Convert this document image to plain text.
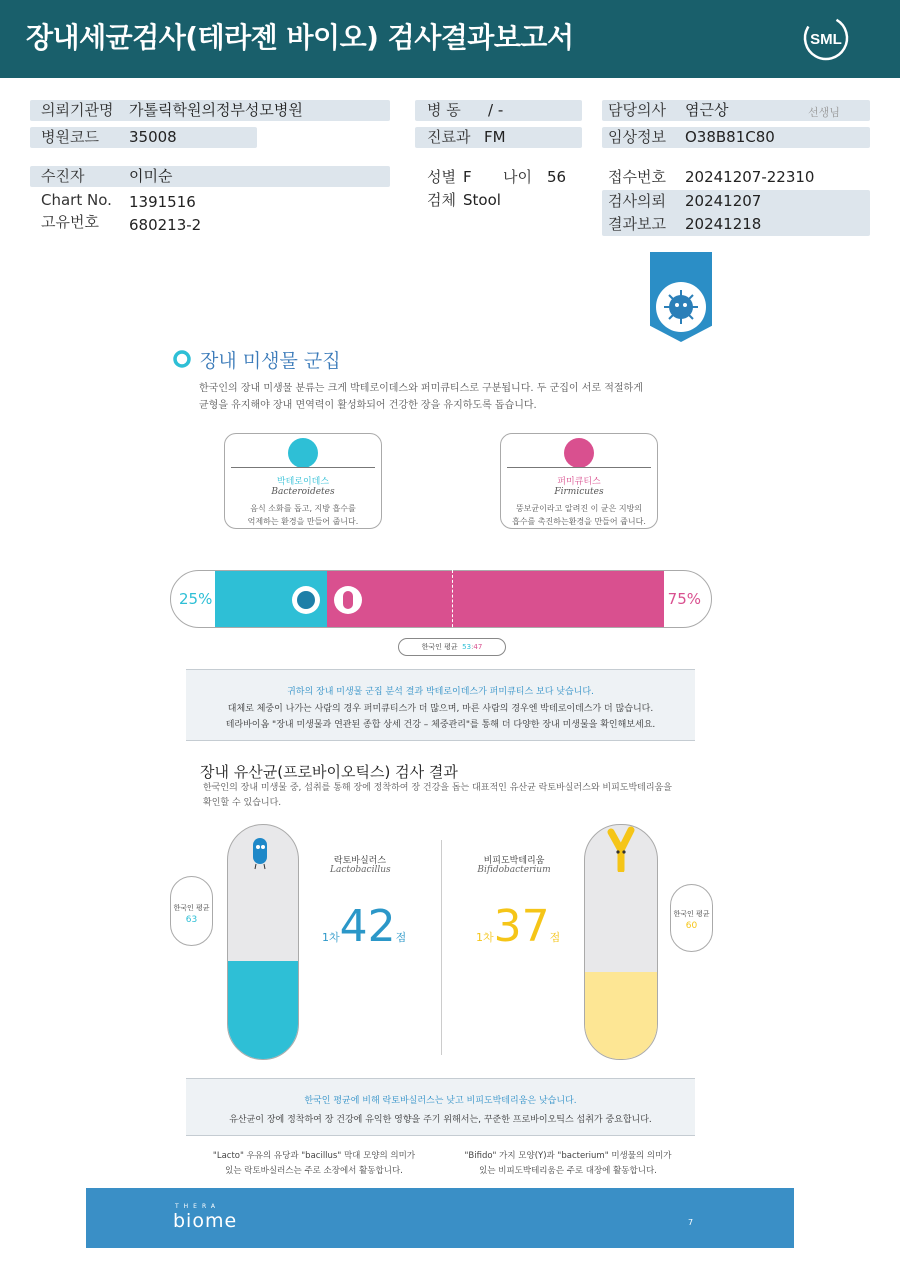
장내세균검사(테라젠 바이오) 검사결과보고서	SML
의뢰기관명 가톨릭학원의정부성모병원
병원코드 35008
수진자	이미순
Chart No. 1391516
고유번호 680213-2
병 동 / -
진료과 FM
성별 F 나이 56
검체 Stool
담당의사 염근상	선생님
임상정보 O38B81C80
접수번호 20241207-22310
검사의뢰 20241207
결과보고 20241218
장내 미생물 군집
한국인의 장내 미생물 분류는 크게 박테로이데스와 퍼미큐티스로 구분됩니다. 두 군집이 서로 적절하게
균형을 유지해야 장내 면역력이 활성화되어 건강한 장을 유지하도록 돕습니다.
박테로이데스
Bacteroidetes
음식 소화를 돕고, 지방 흡수를
억제하는 환경을 만들어 줍니다.
퍼미큐티스
Firmicutes
뚱보균이라고 알려진 이 균은 지방의
흡수를 촉진하는환경을 만들어 줍니다.
25%	75%
한국인 평균 53:47
귀하의 장내 미생물 군집 분석 결과 박테로이데스가 퍼미큐티스 보다 낮습니다.
대체로 체중이 나가는 사람의 경우 퍼미큐티스가 더 많으며, 마른 사람의 경우엔 박테로이데스가 더 많습니다.
테라바이옴 "장내 미생물과 연관된 종합 상세 건강 – 체중관리"를 통해 더 다양한 장내 미생물을 확인해보세요.
장내 유산균(프로바이오틱스) 검사 결과
한국인의 장내 미생물 중, 섭취를 통해 장에 정착하여 장 건강을 돕는 대표적인 유산균 락토바실러스와 비피도박테리움을
확인할 수 있습니다.
한국인 평균
63
한국인 평균
60
락토바실러스
Lactobacillus
1차42점
비피도박테리움
Bifidobacterium
1차37점
한국인 평균에 비해 락토바실러스는 낮고 비피도박테리움은 낮습니다.
유산균이 장에 정착하여 장 건강에 유익한 영향을 주기 위해서는, 꾸준한 프로바이오틱스 섭취가 중요합니다.
"Lacto" 우유의 유당과 "bacillus" 막대 모양의 의미가
있는 락토바실러스는 주로 소장에서 활동합니다.
"Bifido" 가지 모양(Y)과 "bacterium" 미생물의 의미가
있는 비피도박테리움은 주로 대장에 활동합니다.
THERA
biome	7
